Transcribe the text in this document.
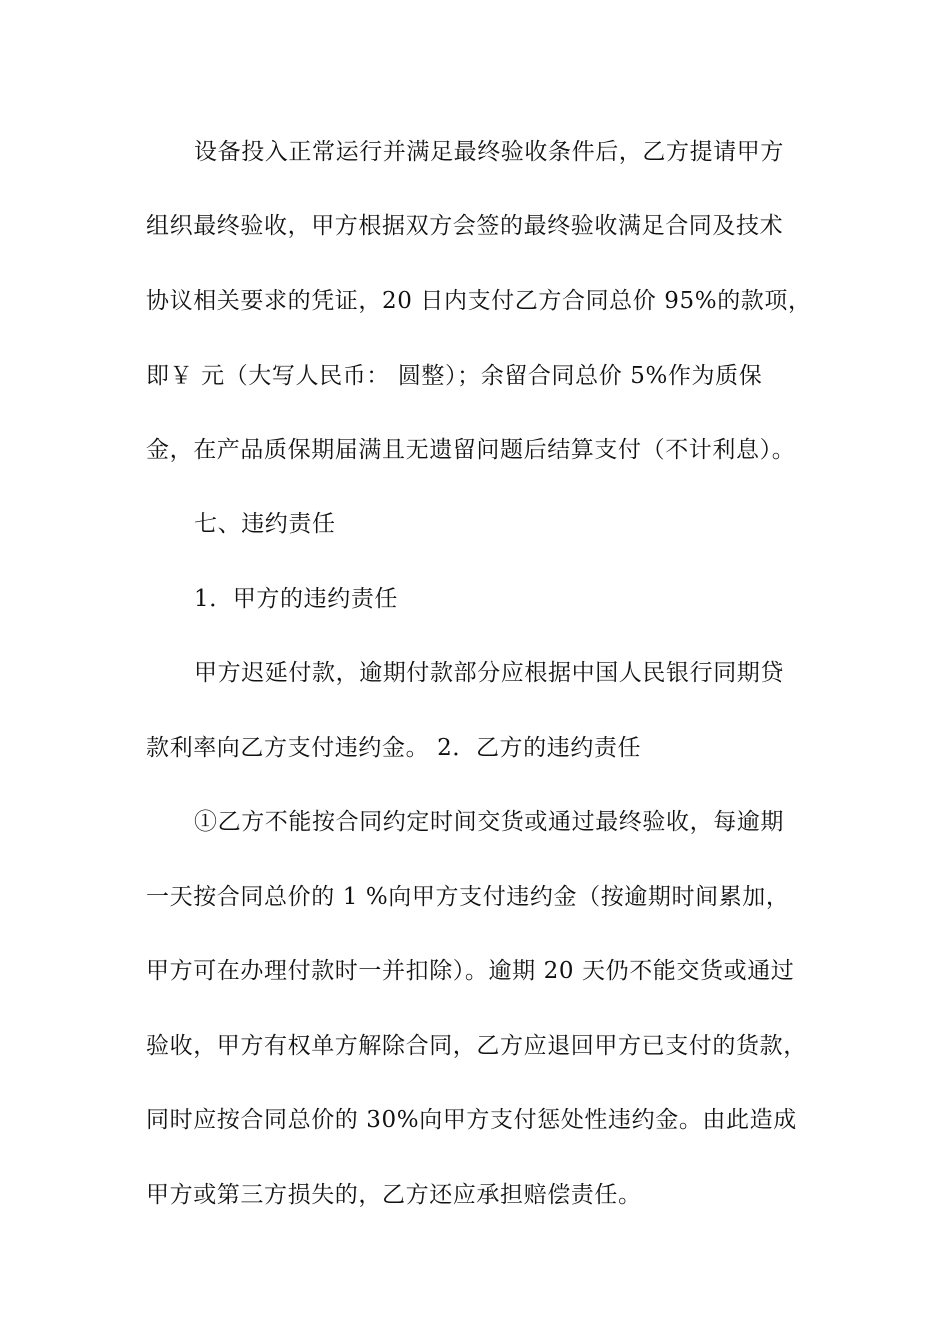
设备投入正常运行并满足最终验收条件后，乙方提请甲方
组织最终验收，甲方根据双方会签的最终验收满足合同及技术
协议相关要求的凭证，20 日内支付乙方合同总价 95%的款项，
即￥ 元（大写人民币： 圆整）；余留合同总价 5%作为质保
金，在产品质保期届满且无遗留问题后结算支付（不计利息）。
七、违约责任
1．甲方的违约责任
甲方迟延付款，逾期付款部分应根据中国人民银行同期贷
款利率向乙方支付违约金。 2．乙方的违约责任
①乙方不能按合同约定时间交货或通过最终验收，每逾期
一天按合同总价的 1 %向甲方支付违约金（按逾期时间累加，
甲方可在办理付款时一并扣除）。逾期 20 天仍不能交货或通过
验收，甲方有权单方解除合同，乙方应退回甲方已支付的货款，
同时应按合同总价的 30%向甲方支付惩处性违约金。由此造成
甲方或第三方损失的，乙方还应承担赔偿责任。
